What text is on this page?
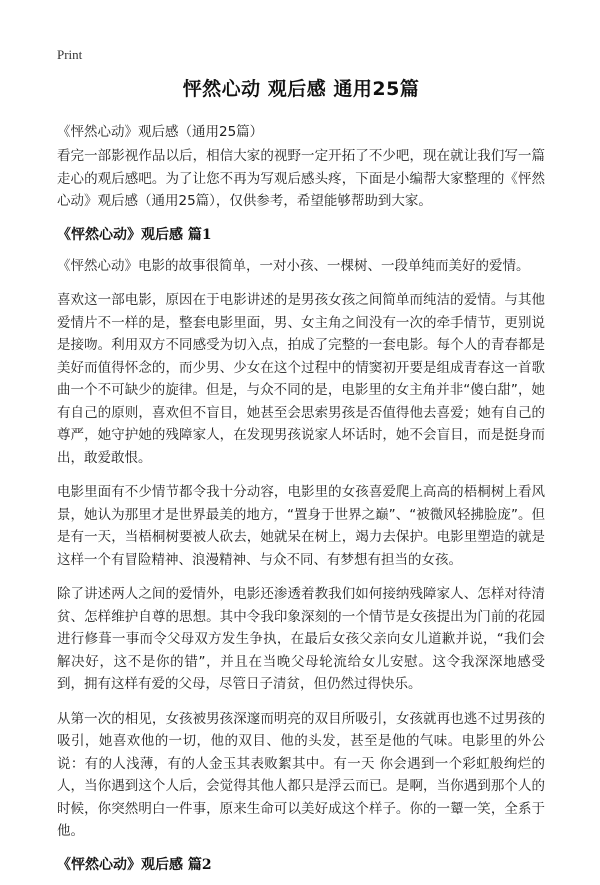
Print
怦然心动 观后感 通用25篇

《怦然心动》观后感（通用25篇）

看完一部影视作品以后，相信大家的视野一定开拓了不少吧，现在就让我们写一篇走心的观后感吧。为了让您不再为写观后感头疼，下面是小编帮大家整理的《怦然心动》观后感（通用25篇），仅供参考，希望能够帮助到大家。

《怦然心动》观后感 篇1

《怦然心动》电影的故事很简单，一对小孩、一棵树、一段单纯而美好的爱情。

喜欢这一部电影，原因在于电影讲述的是男孩女孩之间简单而纯洁的爱情。与其他爱情片不一样的是，整套电影里面，男、女主角之间没有一次的牵手情节，更别说是接吻。利用双方不同感受为切入点，拍成了完整的一套电影。每个人的青春都是美好而值得怀念的，而少男、少女在这个过程中的情窦初开要是组成青春这一首歌曲一个不可缺少的旋律。但是，与众不同的是，电影里的女主角并非“傻白甜”，她有自己的原则，喜欢但不盲目，她甚至会思索男孩是否值得他去喜爱；她有自己的尊严，她守护她的残障家人，在发现男孩说家人坏话时，她不会盲目，而是挺身而出，敢爱敢恨。

电影里面有不少情节都令我十分动容，电影里的女孩喜爱爬上高高的梧桐树上看风景，她认为那里才是世界最美的地方，“置身于世界之巅”、“被微风轻拂脸庞”。但是有一天，当梧桐树要被人砍去，她就呆在树上，竭力去保护。电影里塑造的就是这样一个有冒险精神、浪漫精神、与众不同、有梦想有担当的女孩。

除了讲述两人之间的爱情外，电影还渗透着教我们如何接纳残障家人、怎样对待清贫、怎样维护自尊的思想。其中令我印象深刻的一个情节是女孩提出为门前的花园进行修葺一事而令父母双方发生争执，在最后女孩父亲向女儿道歉并说，“我们会解决好，这不是你的错”，并且在当晚父母轮流给女儿安慰。这令我深深地感受到，拥有这样有爱的父母，尽管日子清贫，但仍然过得快乐。

从第一次的相见，女孩被男孩深邃而明亮的双目所吸引，女孩就再也逃不过男孩的吸引，她喜欢他的一切，他的双目、他的头发，甚至是他的气味。电影里的外公说：有的人浅薄，有的人金玉其表败絮其中。有一天 你会遇到一个彩虹般绚烂的人，当你遇到这个人后，会觉得其他人都只是浮云而已。是啊，当你遇到那个人的时候，你突然明白一件事，原来生命可以美好成这个样子。你的一颦一笑，全系于他。

《怦然心动》观后感 篇2
